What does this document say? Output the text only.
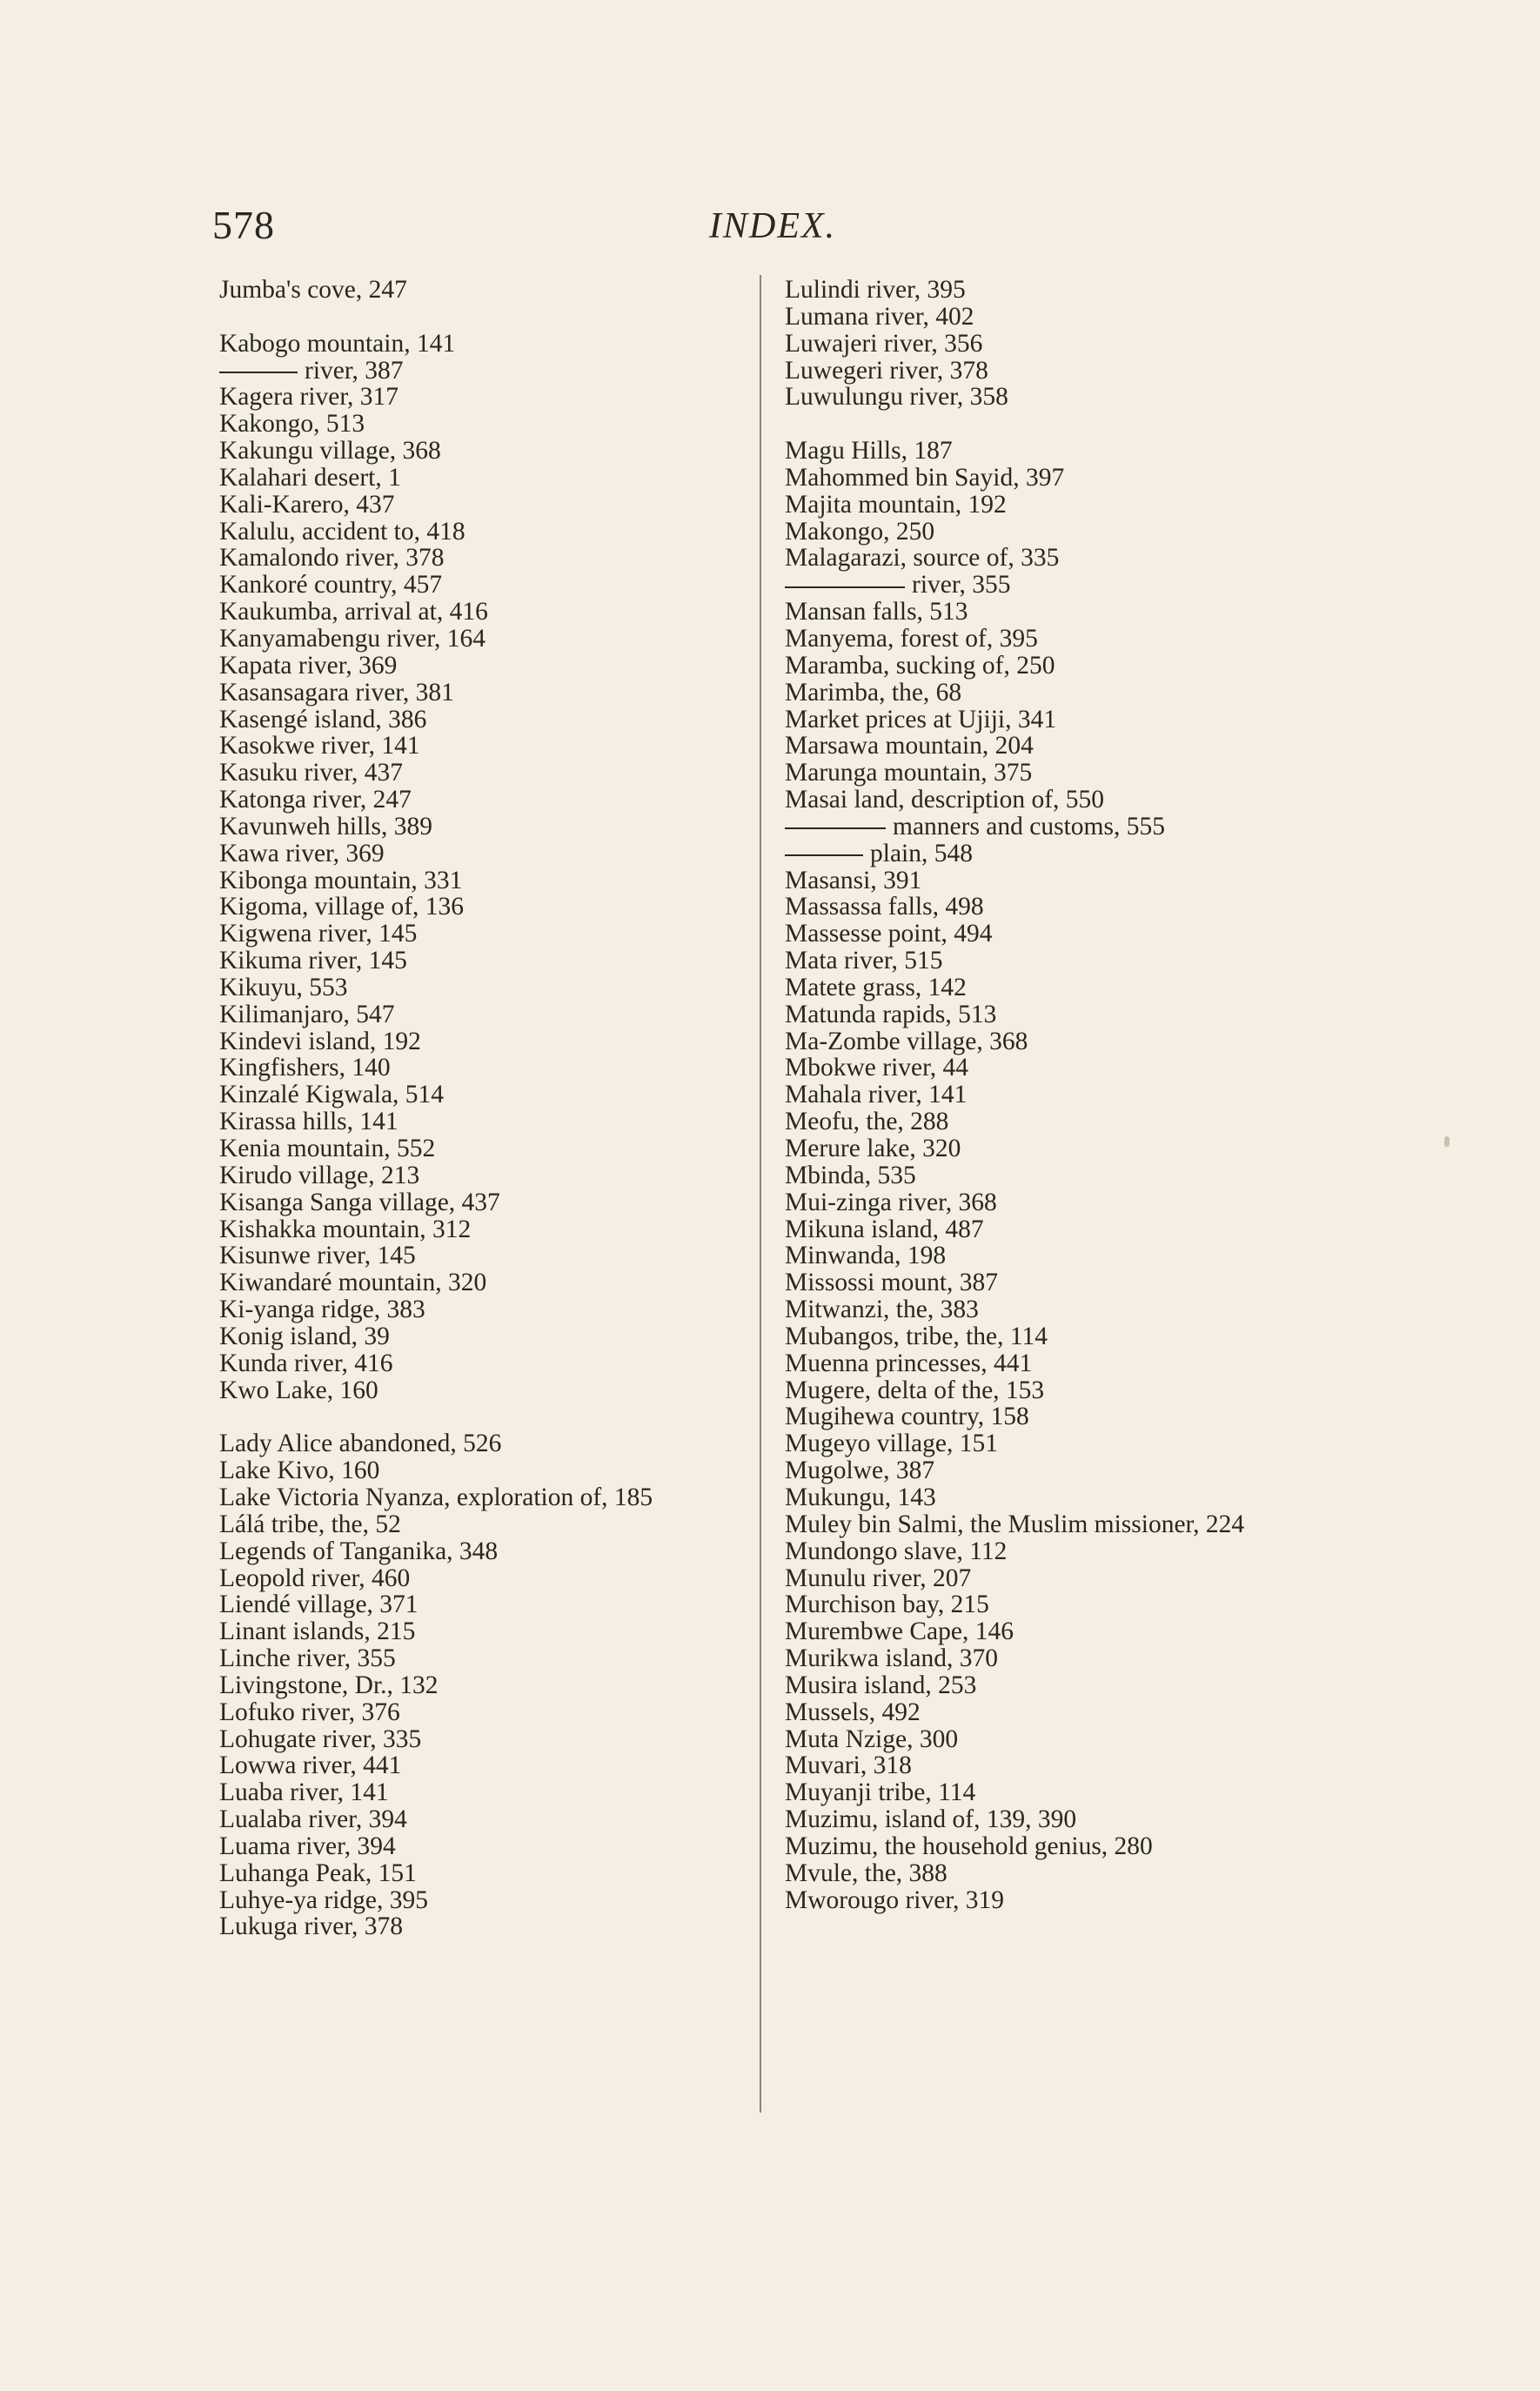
578	INDEX.
Jumba's cove, 247
Kabogo mountain, 141
river, 387
Kagera river, 317
Kakongo, 513
Kakungu village, 368
Kalahari desert, 1
Kali-Karero, 437
Kalulu, accident to, 418
Kamalondo river, 378
Kankoré country, 457
Kaukumba, arrival at, 416
Kanyamabengu river, 164
Kapata river, 369
Kasansagara river, 381
Kasengé island, 386
Kasokwe river, 141
Kasuku river, 437
Katonga river, 247
Kavunweh hills, 389
Kawa river, 369
Kibonga mountain, 331
Kigoma, village of, 136
Kigwena river, 145
Kikuma river, 145
Kikuyu, 553
Kilimanjaro, 547
Kindevi island, 192
Kingfishers, 140
Kinzalé Kigwala, 514
Kirassa hills, 141
Kenia mountain, 552
Kirudo village, 213
Kisanga Sanga village, 437
Kishakka mountain, 312
Kisunwe river, 145
Kiwandaré mountain, 320
Ki-yanga ridge, 383
Konig island, 39
Kunda river, 416
Kwo Lake, 160
Lady Alice abandoned, 526
Lake Kivo, 160
Lake Victoria Nyanza, exploration of, 185
Lálá tribe, the, 52
Legends of Tanganika, 348
Leopold river, 460
Liendé village, 371
Linant islands, 215
Linche river, 355
Livingstone, Dr., 132
Lofuko river, 376
Lohugate river, 335
Lowwa river, 441
Luaba river, 141
Lualaba river, 394
Luama river, 394
Luhanga Peak, 151
Luhye-ya ridge, 395
Lukuga river, 378
Lulindi river, 395
Lumana river, 402
Luwajeri river, 356
Luwegeri river, 378
Luwulungu river, 358
Magu Hills, 187
Mahommed bin Sayid, 397
Majita mountain, 192
Makongo, 250
Malagarazi, source of, 335
river, 355
Mansan falls, 513
Manyema, forest of, 395
Maramba, sucking of, 250
Marimba, the, 68
Market prices at Ujiji, 341
Marsawa mountain, 204
Marunga mountain, 375
Masai land, description of, 550
manners and customs, 555
plain, 548
Masansi, 391
Massassa falls, 498
Massesse point, 494
Mata river, 515
Matete grass, 142
Matunda rapids, 513
Ma-Zombe village, 368
Mbokwe river, 44
Mahala river, 141
Meofu, the, 288
Merure lake, 320
Mbinda, 535
Mui-zinga river, 368
Mikuna island, 487
Minwanda, 198
Missossi mount, 387
Mitwanzi, the, 383
Mubangos, tribe, the, 114
Muenna princesses, 441
Mugere, delta of the, 153
Mugihewa country, 158
Mugeyo village, 151
Mugolwe, 387
Mukungu, 143
Muley bin Salmi, the Muslim missioner, 224
Mundongo slave, 112
Munulu river, 207
Murchison bay, 215
Murembwe Cape, 146
Murikwa island, 370
Musira island, 253
Mussels, 492
Muta Nzige, 300
Muvari, 318
Muyanji tribe, 114
Muzimu, island of, 139, 390
Muzimu, the household genius, 280
Mvule, the, 388
Mworougo river, 319
